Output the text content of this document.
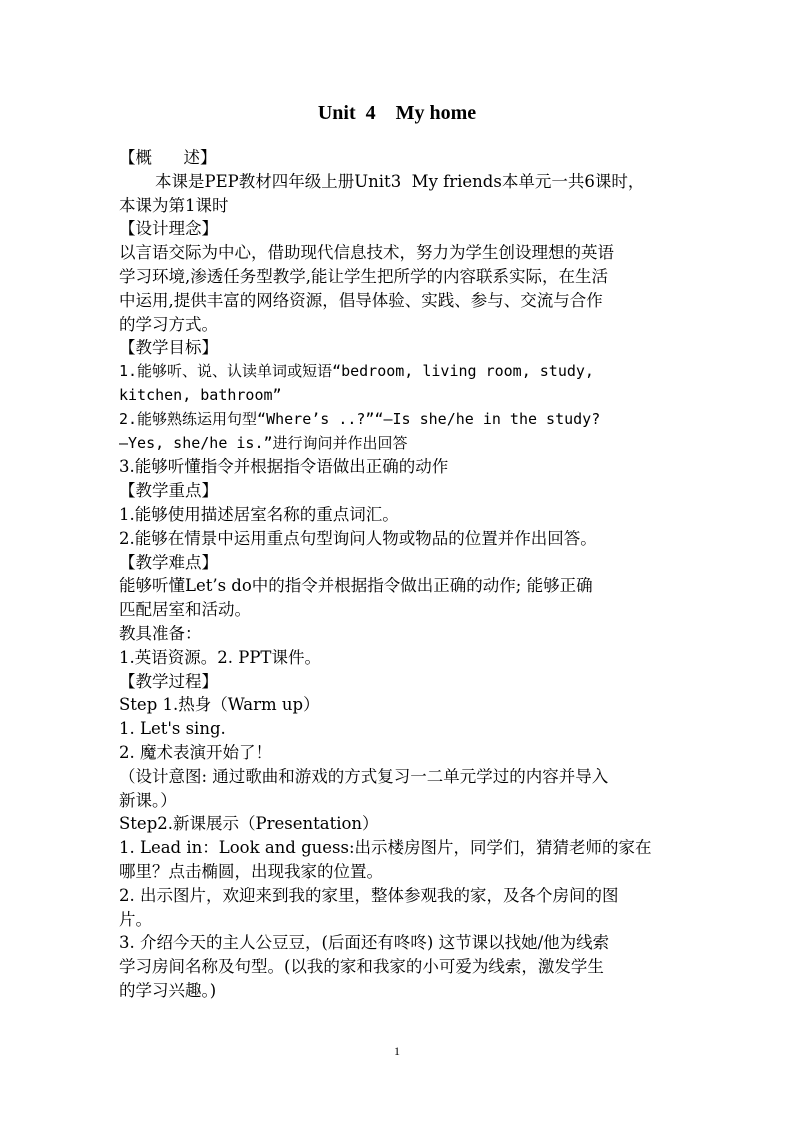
Unit  4    My home
【概      述】
本课是PEP教材四年级上册Unit3  My friends本单元一共6课时，
本课为第1课时
【设计理念】
以言语交际为中心，借助现代信息技术，努力为学生创设理想的英语
学习环境,渗透任务型教学,能让学生把所学的内容联系实际，在生活
中运用,提供丰富的网络资源，倡导体验、实践、参与、交流与合作
的学习方式。
【教学目标】
1.能够听、说、认读单词或短语“bedroom, living room, study,
kitchen, bathroom”
2.能够熟练运用句型“Where’s ..?”“—Is she/he in the study?
—Yes, she/he is.”进行询问并作出回答
3.能够听懂指令并根据指令语做出正确的动作
【教学重点】
1.能够使用描述居室名称的重点词汇。
2.能够在情景中运用重点句型询问人物或物品的位置并作出回答。
【教学难点】
能够听懂Let’s do中的指令并根据指令做出正确的动作; 能够正确
匹配居室和活动。
教具准备：
1.英语资源。2. PPT课件。
【教学过程】
Step 1.热身（Warm up）
1. Let's sing.
2. 魔术表演开始了！
（设计意图: 通过歌曲和游戏的方式复习一二单元学过的内容并导入
新课。）
Step2.新课展示（Presentation）
1. Lead in：Look and guess:出示楼房图片，同学们，猜猜老师的家在
哪里？点击椭圆，出现我家的位置。
2. 出示图片，欢迎来到我的家里，整体参观我的家，及各个房间的图
片。
3. 介绍今天的主人公豆豆，(后面还有咚咚) 这节课以找她/他为线索
学习房间名称及句型。(以我的家和我家的小可爱为线索，激发学生
的学习兴趣。)
1
